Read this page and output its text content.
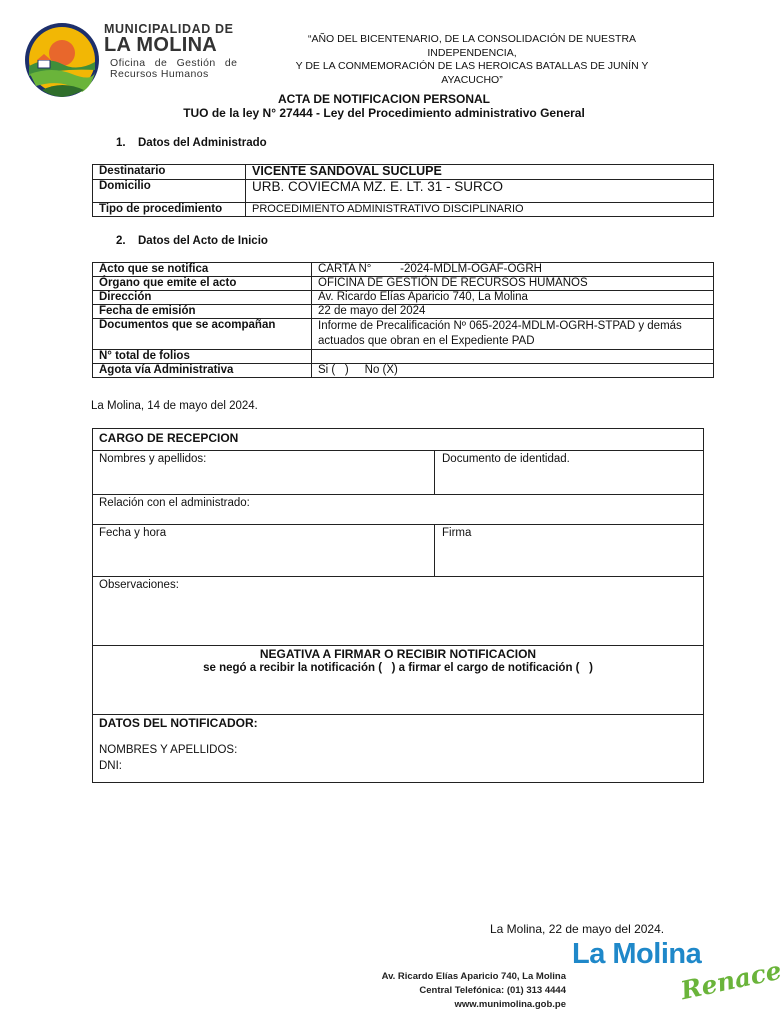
MUNICIPALIDAD DE
LA MOLINA
Oficina de Gestión de
Recursos Humanos
“AÑO DEL BICENTENARIO, DE LA CONSOLIDACIÓN DE NUESTRA INDEPENDENCIA,
Y DE LA CONMEMORACIÓN DE LAS HEROICAS BATALLAS DE JUNÍN Y AYACUCHO”
ACTA DE NOTIFICACION PERSONAL
TUO de la ley N° 27444 - Ley del Procedimiento administrativo General
1. Datos del Administrado
Destinatario	VICENTE SANDOVAL SUCLUPE
Domicilio	URB. COVIECMA MZ. E. LT. 31 - SURCO
Tipo de procedimiento	PROCEDIMIENTO ADMINISTRATIVO DISCIPLINARIO
2. Datos del Acto de Inicio
Acto que se notifica	CARTA N°         -2024-MDLM-OGAF-OGRH
Órgano que emite el acto	OFICINA DE GESTIÓN DE RECURSOS HUMANOS
Dirección	Av. Ricardo Elías Aparicio 740, La Molina
Fecha de emisión	22 de mayo del 2024
Documentos que se acompañan	Informe de Precalificación Nº 065-2024-MDLM-OGRH-STPAD y demás
actuados que obran en el Expediente PAD

N° total de folios	
Agota vía Administrativa	Si (   )     No (X)
La Molina, 14 de mayo del 2024.
CARGO DE RECEPCION
Nombres y apellidos:	Documento de identidad.
Relación con el administrado:
Fecha y hora	Firma
Observaciones:
NEGATIVA A FIRMAR O RECIBIR NOTIFICACION
se negó a recibir la notificación (   ) a firmar el cargo de notificación (   )
DATOS DEL NOTIFICADOR:
NOMBRES Y APELLIDOS:
DNI:
La Molina, 22 de mayo del 2024.
Av. Ricardo Elías Aparicio 740, La Molina
Central Telefónica: (01) 313 4444
www.munimolina.gob.pe
La Molina
Renace
